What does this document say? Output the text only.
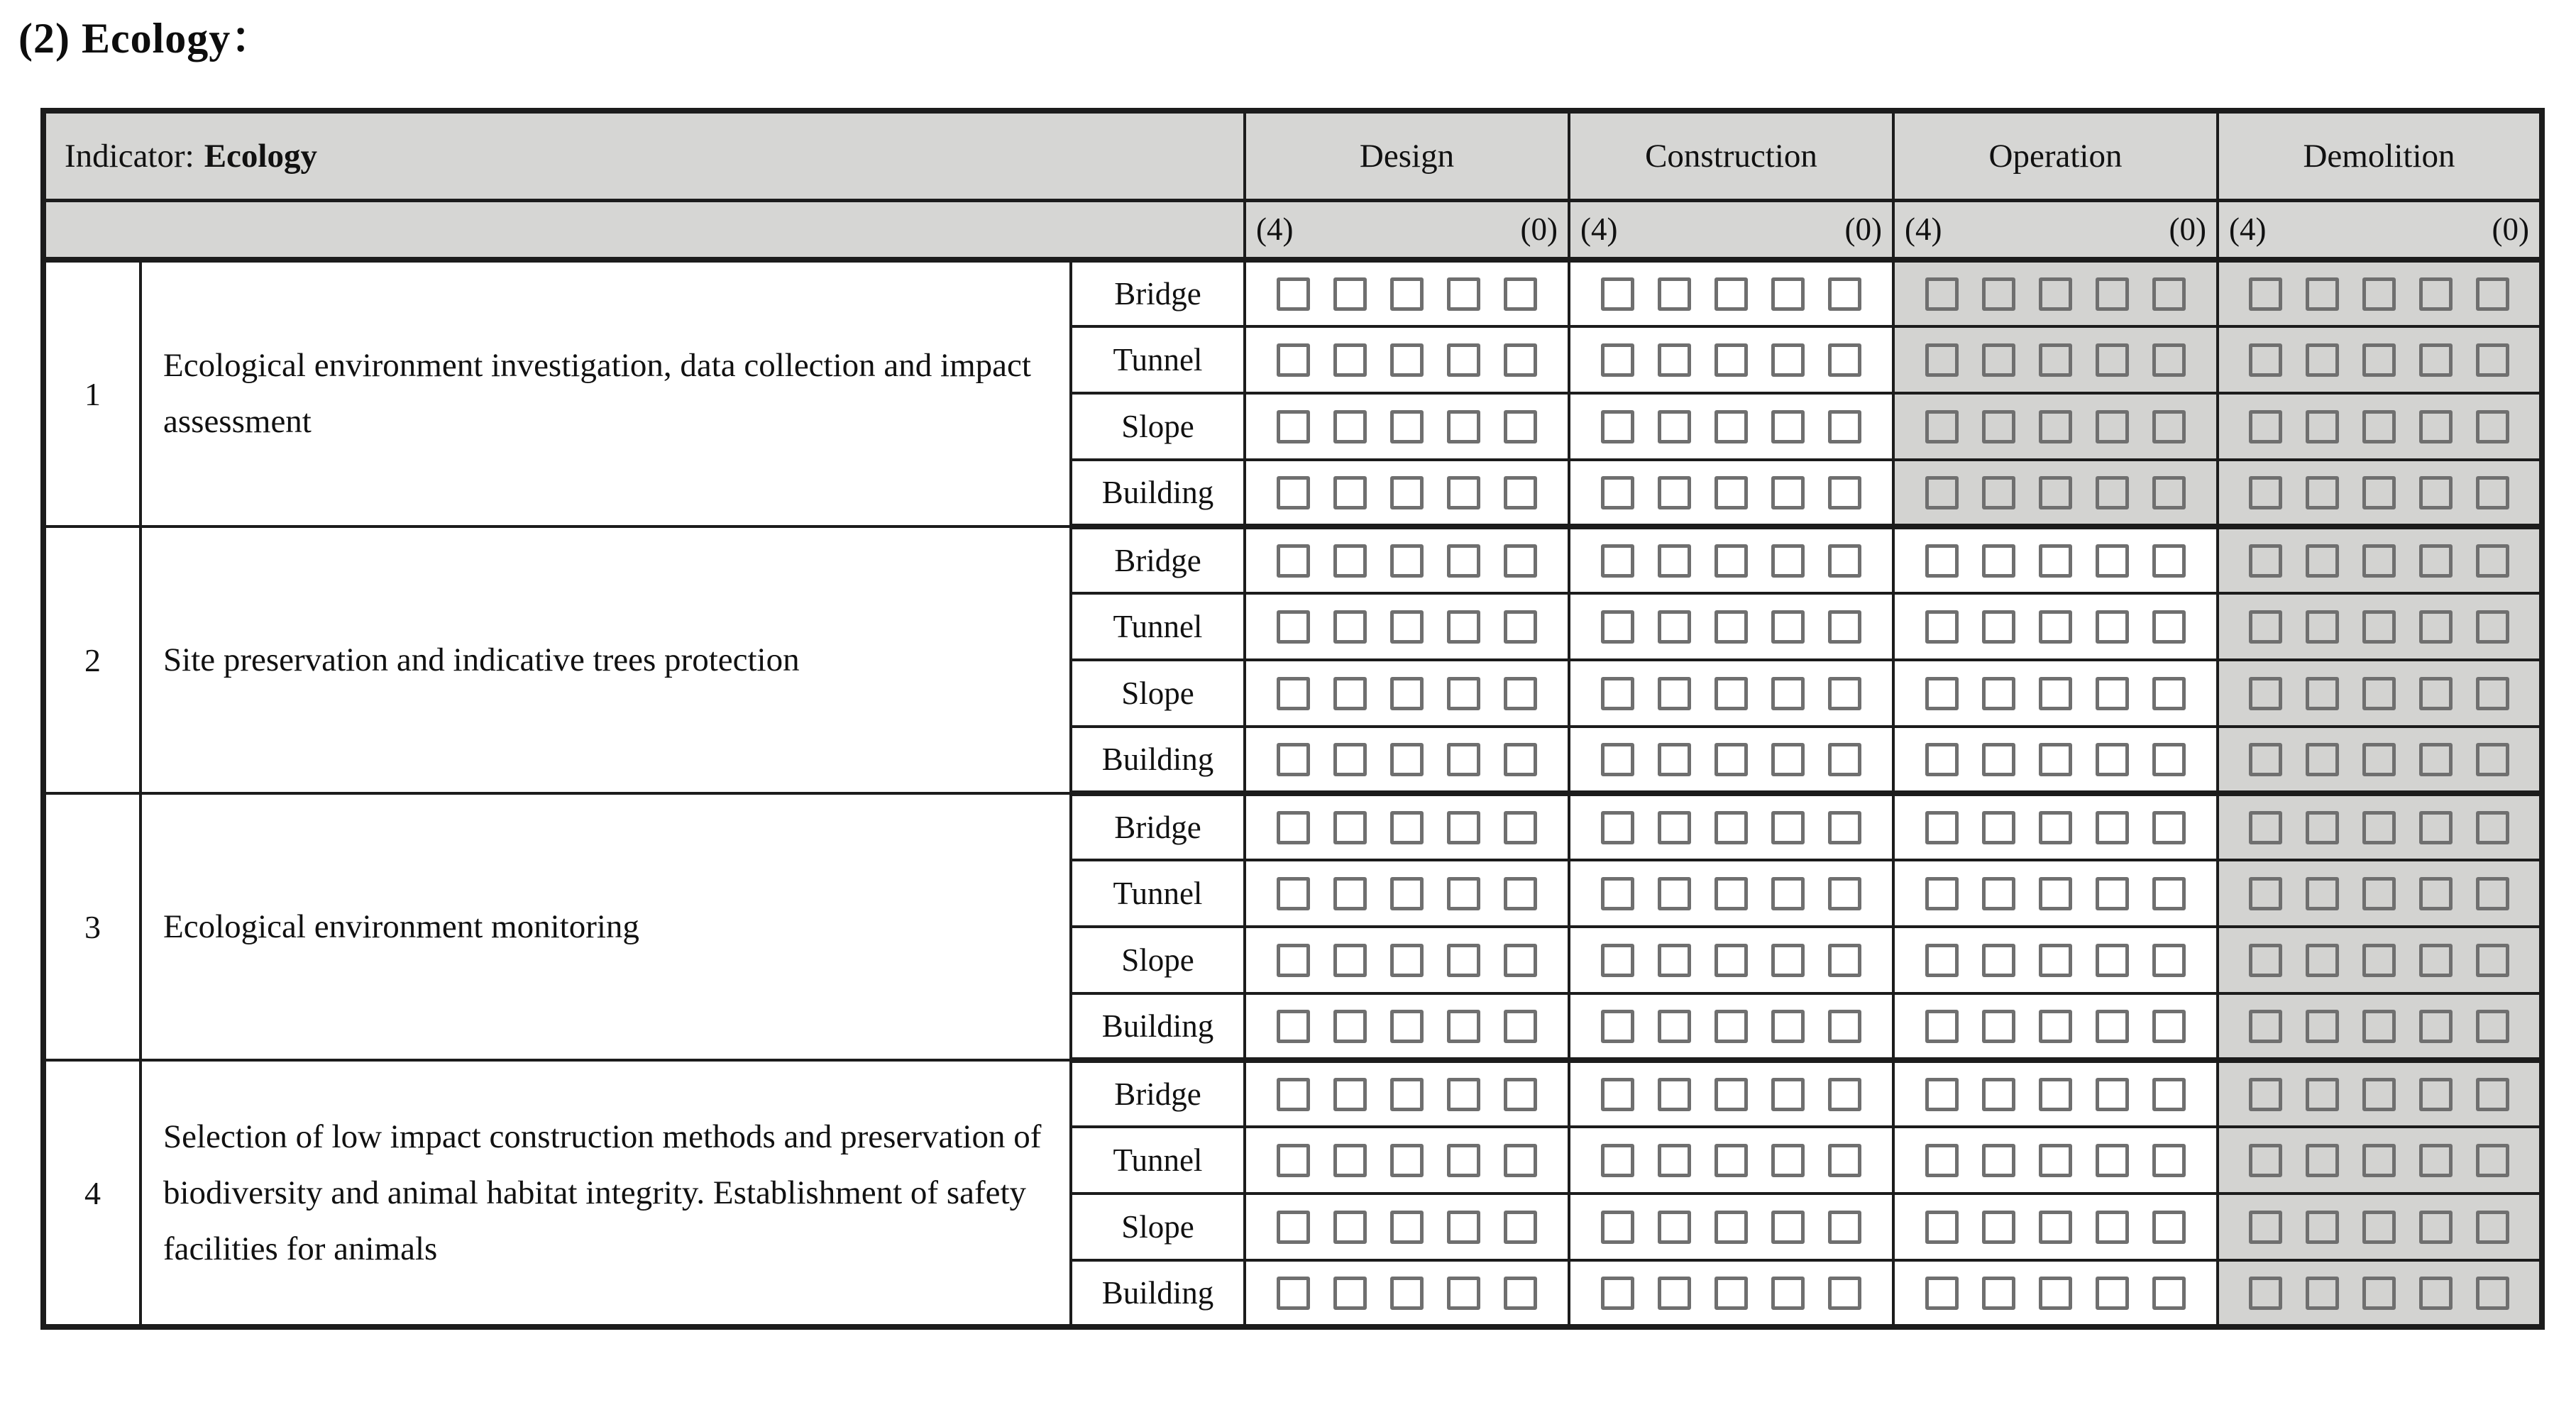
(2) Ecology：
Indicator: Ecology			Design	Construction	Operation	Demolition

			(4) (0)	(4) (0)	(4) (0)	(4) (0)

1	Ecological environment investigation, data collection and impact assessment	Bridge	

		Tunnel	

		Slope	

		Building	

2	Site preservation and indicative trees protection	Bridge	

		Tunnel	

		Slope	

		Building	

3	Ecological environment monitoring	Bridge	

		Tunnel	

		Slope	

		Building	

4	Selection of low impact construction methods and preservation of biodiversity and animal habitat integrity. Establishment of safety facilities for animals	Bridge	

		Tunnel	

		Slope	

		Building	
